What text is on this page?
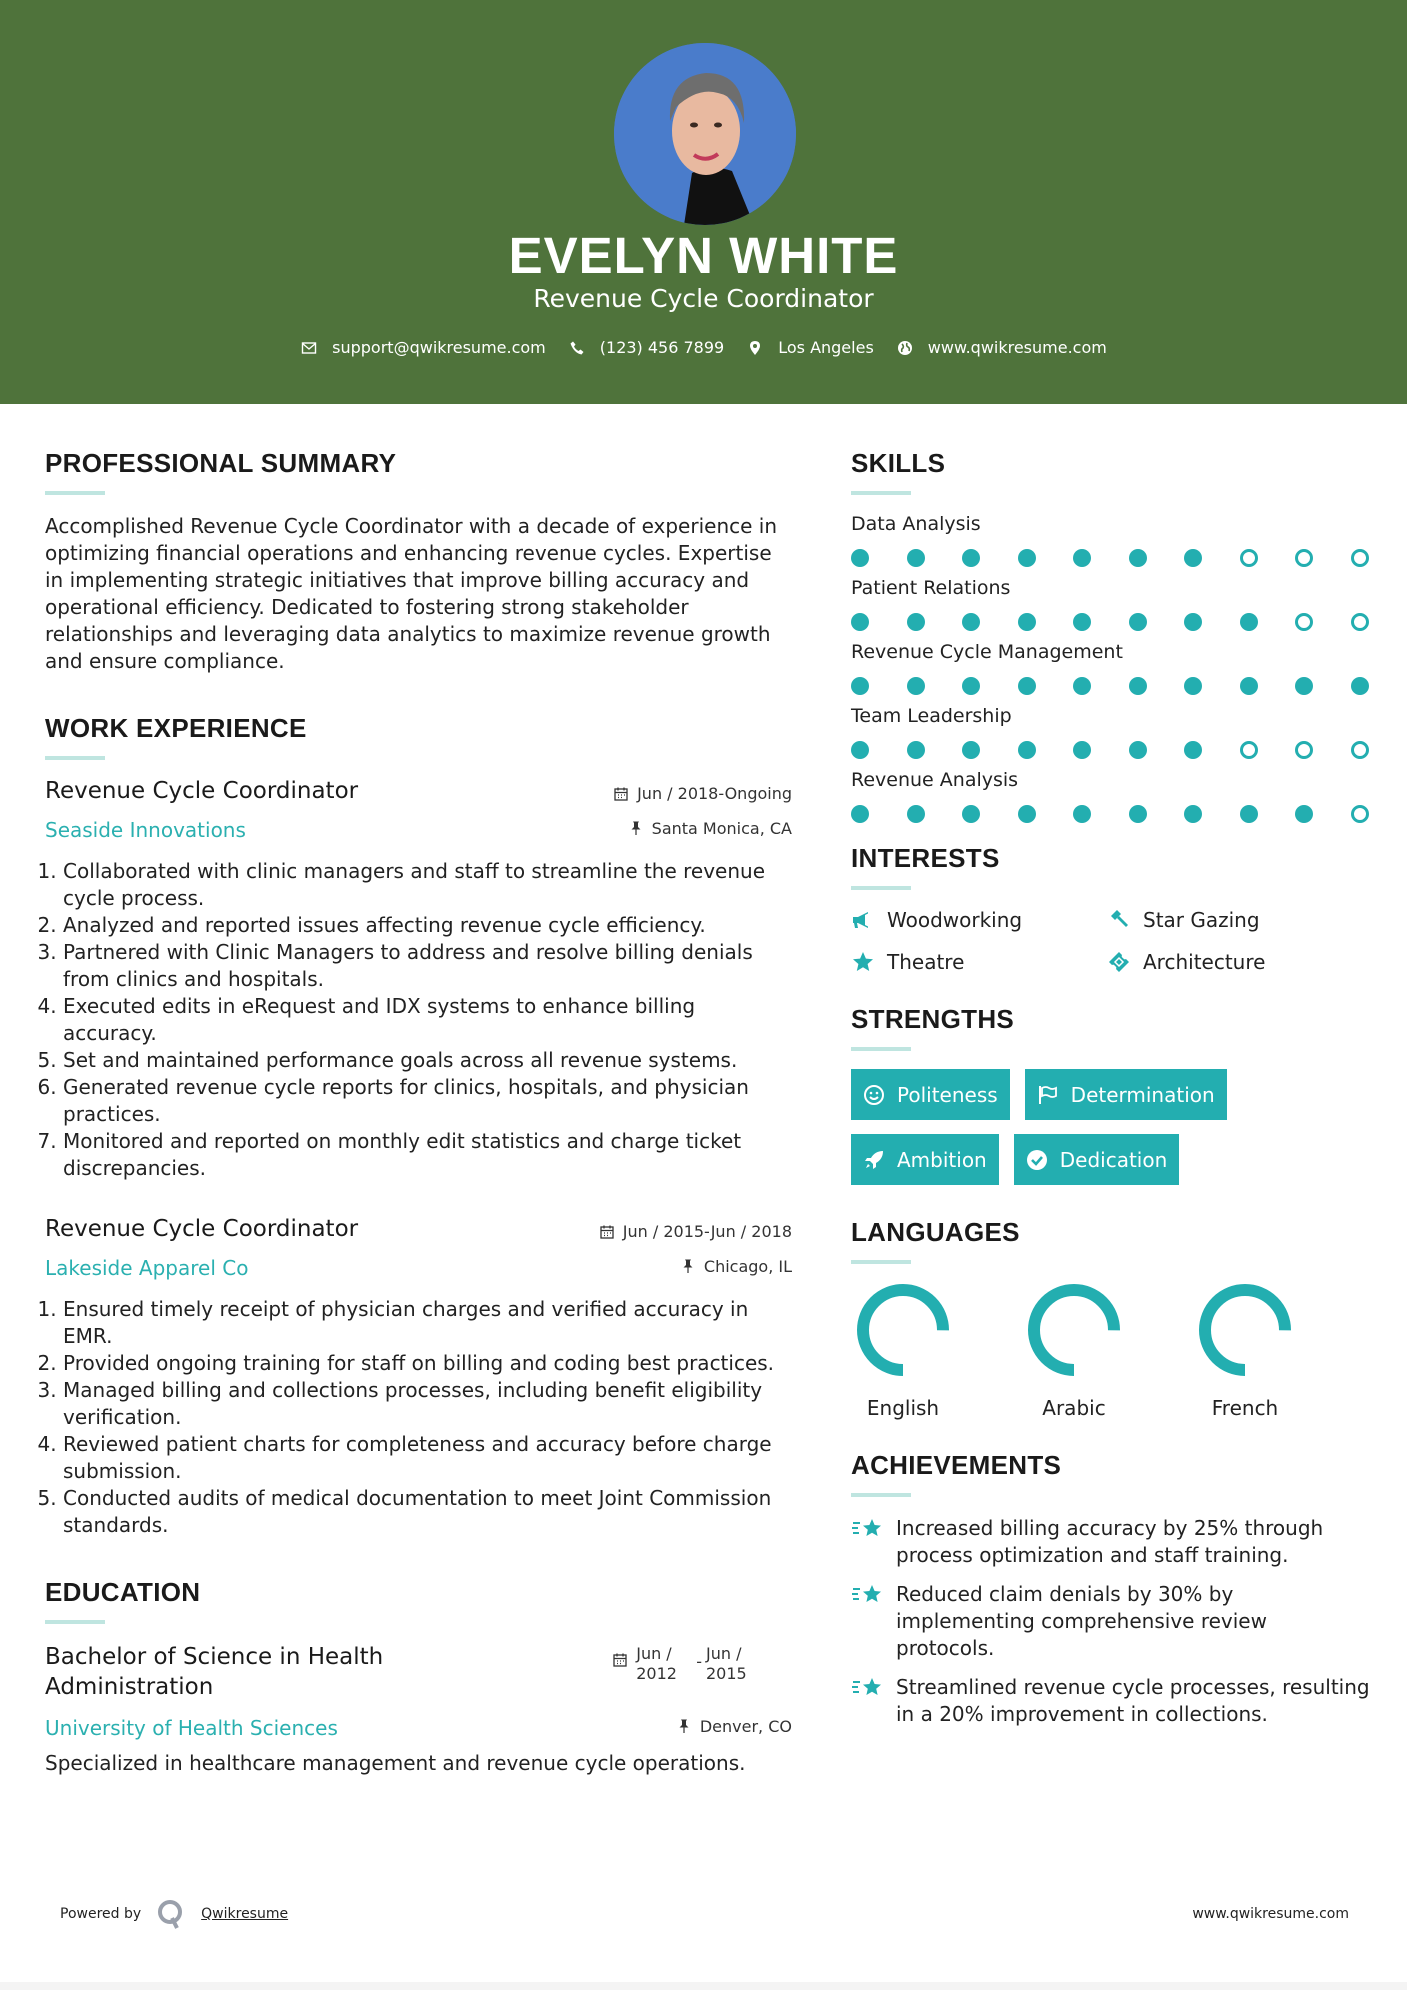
EVELYN WHITE
Revenue Cycle Coordinator
support@qwikresume.com	(123) 456 7899	Los Angeles	www.qwikresume.com
PROFESSIONAL SUMMARY

Accomplished Revenue Cycle Coordinator with a decade of experience in optimizing financial operations and enhancing revenue cycles. Expertise in implementing strategic initiatives that improve billing accuracy and operational efficiency. Dedicated to fostering strong stakeholder relationships and leveraging data analytics to maximize revenue growth and ensure compliance.

WORK EXPERIENCE
Revenue Cycle Coordinator	Jun / 2018-Ongoing
Seaside Innovations	Santa Monica, CA
1. Collaborated with clinic managers and staff to streamline the revenue cycle process.
2. Analyzed and reported issues affecting revenue cycle efficiency.
3. Partnered with Clinic Managers to address and resolve billing denials from clinics and hospitals.
4. Executed edits in eRequest and IDX systems to enhance billing accuracy.
5. Set and maintained performance goals across all revenue systems.
6. Generated revenue cycle reports for clinics, hospitals, and physician practices.
7. Monitored and reported on monthly edit statistics and charge ticket discrepancies.
Revenue Cycle Coordinator	Jun / 2015-Jun / 2018
Lakeside Apparel Co	Chicago, IL
1. Ensured timely receipt of physician charges and verified accuracy in EMR.
2. Provided ongoing training for staff on billing and coding best practices.
3. Managed billing and collections processes, including benefit eligibility verification.
4. Reviewed patient charts for completeness and accuracy before charge submission.
5. Conducted audits of medical documentation to meet Joint Commission standards.
EDUCATION
Bachelor of Science in Health Administration
Jun / 2012
- Jun / 2015
University of Health Sciences	Denver, CO

Specialized in healthcare management and revenue cycle operations.

SKILLS
Data Analysis
Patient Relations
Revenue Cycle Management
Team Leadership
Revenue Analysis
INTERESTS
Woodworking	Star Gazing
Theatre	Architecture
STRENGTHS
Politeness	Determination
Ambition	Dedication
LANGUAGES
English	Arabic	French
ACHIEVEMENTS
Increased billing accuracy by 25% through process optimization and staff training.
Reduced claim denials by 30% by implementing comprehensive review protocols.
Streamlined revenue cycle processes, resulting in a 20% improvement in collections.
Powered by	Qwikresume	www.qwikresume.com
